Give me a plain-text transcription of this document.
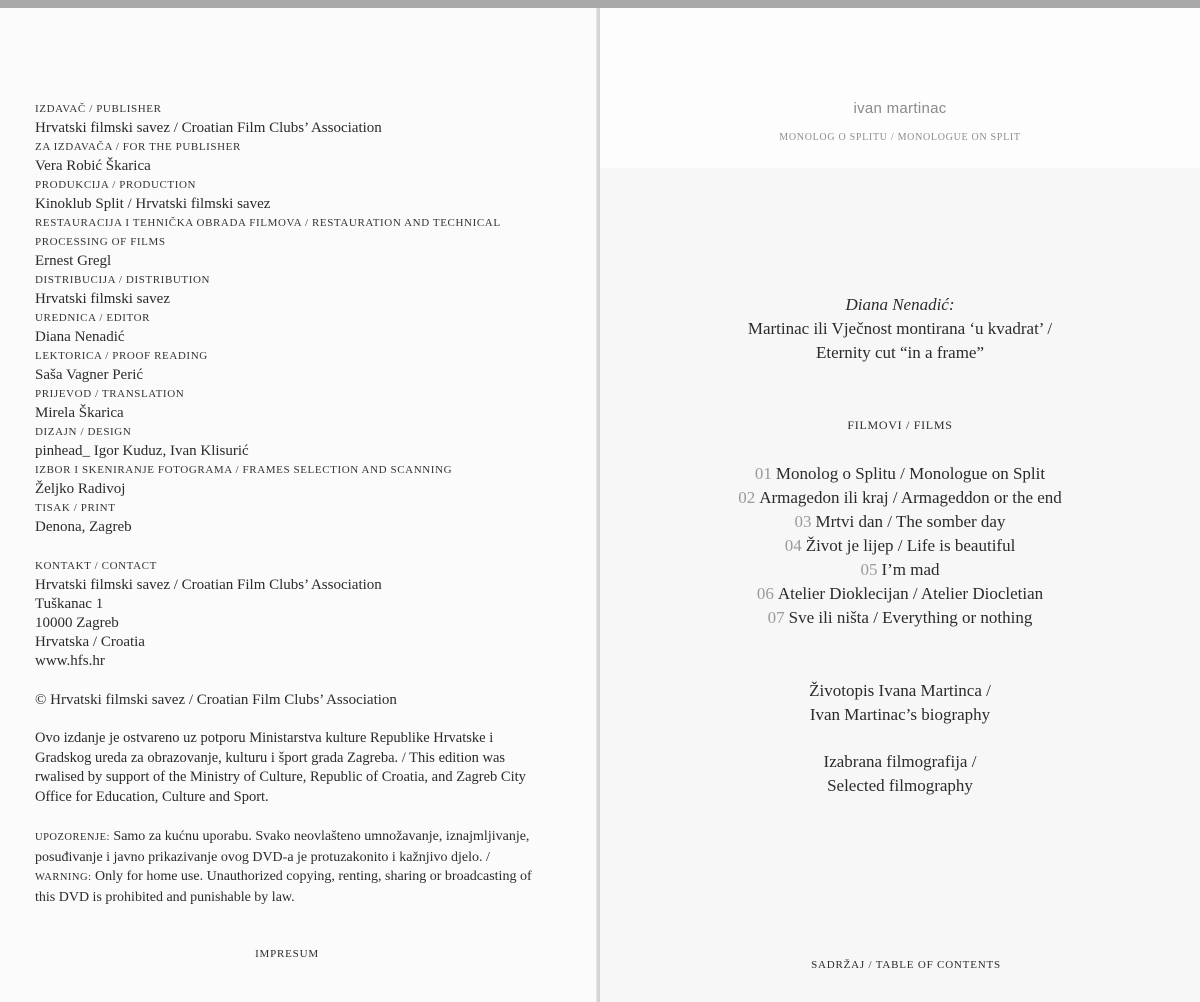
IZDAVAČ / PUBLISHER
Hrvatski filmski savez / Croatian Film Clubs’ Association
ZA IZDAVAČA / FOR THE PUBLISHER
Vera Robić Škarica
PRODUKCIJA / PRODUCTION
Kinoklub Split / Hrvatski filmski savez
RESTAURACIJA I TEHNIČKA OBRADA FILMOVA / RESTAURATION AND TECHNICAL PROCESSING OF FILMS
Ernest Gregl
DISTRIBUCIJA / DISTRIBUTION
Hrvatski filmski savez
UREDNICA / EDITOR
Diana Nenadić
LEKTORICA / PROOF READING
Saša Vagner Perić
PRIJEVOD / TRANSLATION
Mirela Škarica
DIZAJN / DESIGN
pinhead_ Igor Kuduz, Ivan Klisurić
IZBOR I SKENIRANJE FOTOGRAMA / FRAMES SELECTION AND SCANNING
Željko Radivoj
TISAK / PRINT
Denona, Zagreb
KONTAKT / CONTACT
Hrvatski filmski savez / Croatian Film Clubs’ Association
Tuškanac 1
10000 Zagreb
Hrvatska / Croatia
www.hfs.hr
© Hrvatski filmski savez / Croatian Film Clubs’ Association
Ovo izdanje je ostvareno uz potporu Ministarstva kulture Republike Hrvatske i Gradskog ureda za obrazovanje, kulturu i šport grada Zagreba. / This edition was rwalised by support of the Ministry of Culture, Republic of Croatia, and Zagreb City Office for Education, Culture and Sport.
UPOZORENJE: Samo za kućnu uporabu. Svako neovlašteno umnožavanje, iznajmljivanje, posuđivanje i javno prikazivanje ovog DVD-a je protuzakonito i kažnjivo djelo. / WARNING: Only for home use. Unauthorized copying, renting, sharing or broadcasting of this DVD is prohibited and punishable by law.
IMPRESUM
ivan martinac
MONOLOG O SPLITU / MONOLOGUE ON SPLIT
Diana Nenadić:
Martinac ili Vječnost montirana ‘u kvadrat’ /
Eternity cut “in a frame”
FILMOVI / FILMS
01 Monolog o Splitu / Monologue on Split
02 Armagedon ili kraj / Armageddon or the end
03 Mrtvi dan / The somber day
04 Život je lijep / Life is beautiful
05 I’m mad
06 Atelier Dioklecijan / Atelier Diocletian
07 Sve ili ništa / Everything or nothing
Životopis Ivana Martinca /
Ivan Martinac’s biography
Izabrana filmografija /
Selected filmography
SADRŽAJ / TABLE OF CONTENTS
